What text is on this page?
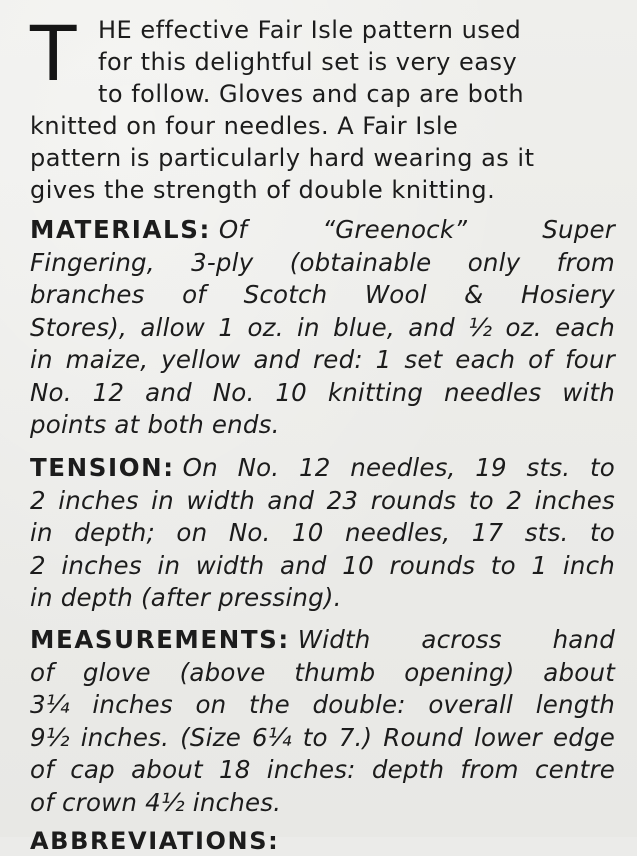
T HE effective Fair Isle pattern used
for this delightful set is very easy
to follow. Gloves and cap are both
knitted on four needles. A Fair Isle
pattern is particularly hard wearing as it
gives the strength of double knitting.
MATERIALS: Of “Greenock” Super
Fingering, 3-ply (obtainable only from
branches of Scotch Wool & Hosiery
Stores), allow 1 oz. in blue, and ½ oz. each
in maize, yellow and red: 1 set each of four
No. 12 and No. 10 knitting needles with
points at both ends.
TENSION: On No. 12 needles, 19 sts. to
2 inches in width and 23 rounds to 2 inches
in depth; on No. 10 needles, 17 sts. to
2 inches in width and 10 rounds to 1 inch
in depth (after pressing).
MEASUREMENTS: Width across hand
of glove (above thumb opening) about
3¼ inches on the double: overall length
9½ inches. (Size 6¼ to 7.) Round lower edge
of cap about 18 inches: depth from centre
of crown 4½ inches.
ABBREVIATIONS:
